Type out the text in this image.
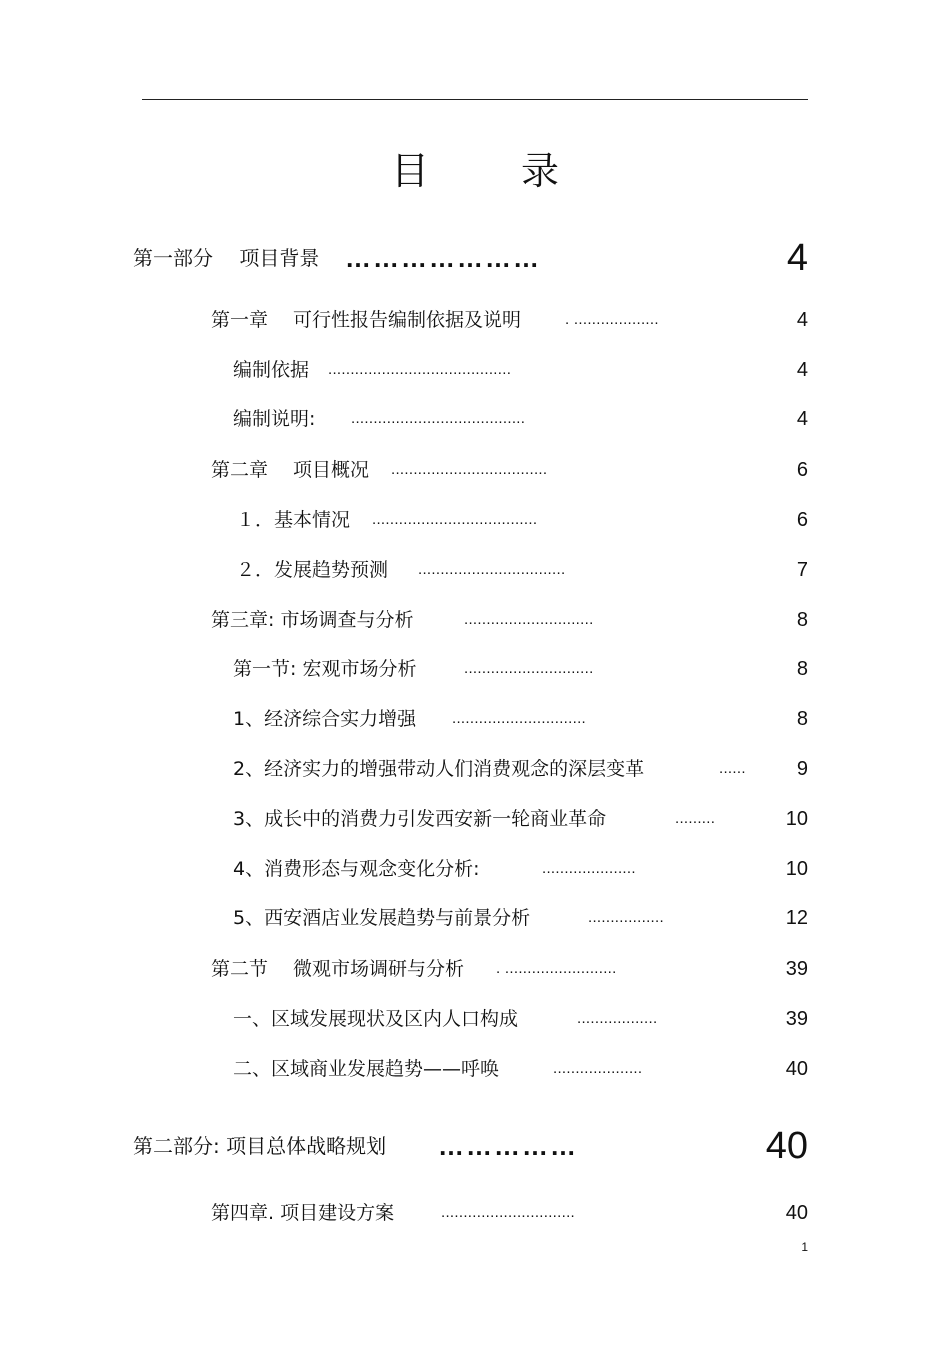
目 录
第一部分　 项目背景 …………………	4
第一章　 可行性报告编制依据及说明	. ...................	4
编制依据 .........................................	4
编制说明: .......................................	4
第二章　 项目概况 ...................................	6
１．基本情况 .....................................	6
２．发展趋势预测 .................................	7
第三章: 市场调查与分析	.............................	8
第一节: 宏观市场分析	.............................	8
1、经济综合实力增强 ..............................	8
2、经济实力的增强带动人们消费观念的深层变革	......	9
3、成长中的消费力引发西安新一轮商业革命	.........	10
4、消费形态与观念变化分析:	.....................	10
5、西安酒店业发展趋势与前景分析	.................	12
第二节　 微观市场调研与分析 . .........................	39
一、区域发展现状及区内人口构成	..................	39
二、区域商业发展趋势——呼唤	....................	40
第二部分: 项目总体战略规划 ……………	40
第四章. 项目建设方案	..............................	40
1
